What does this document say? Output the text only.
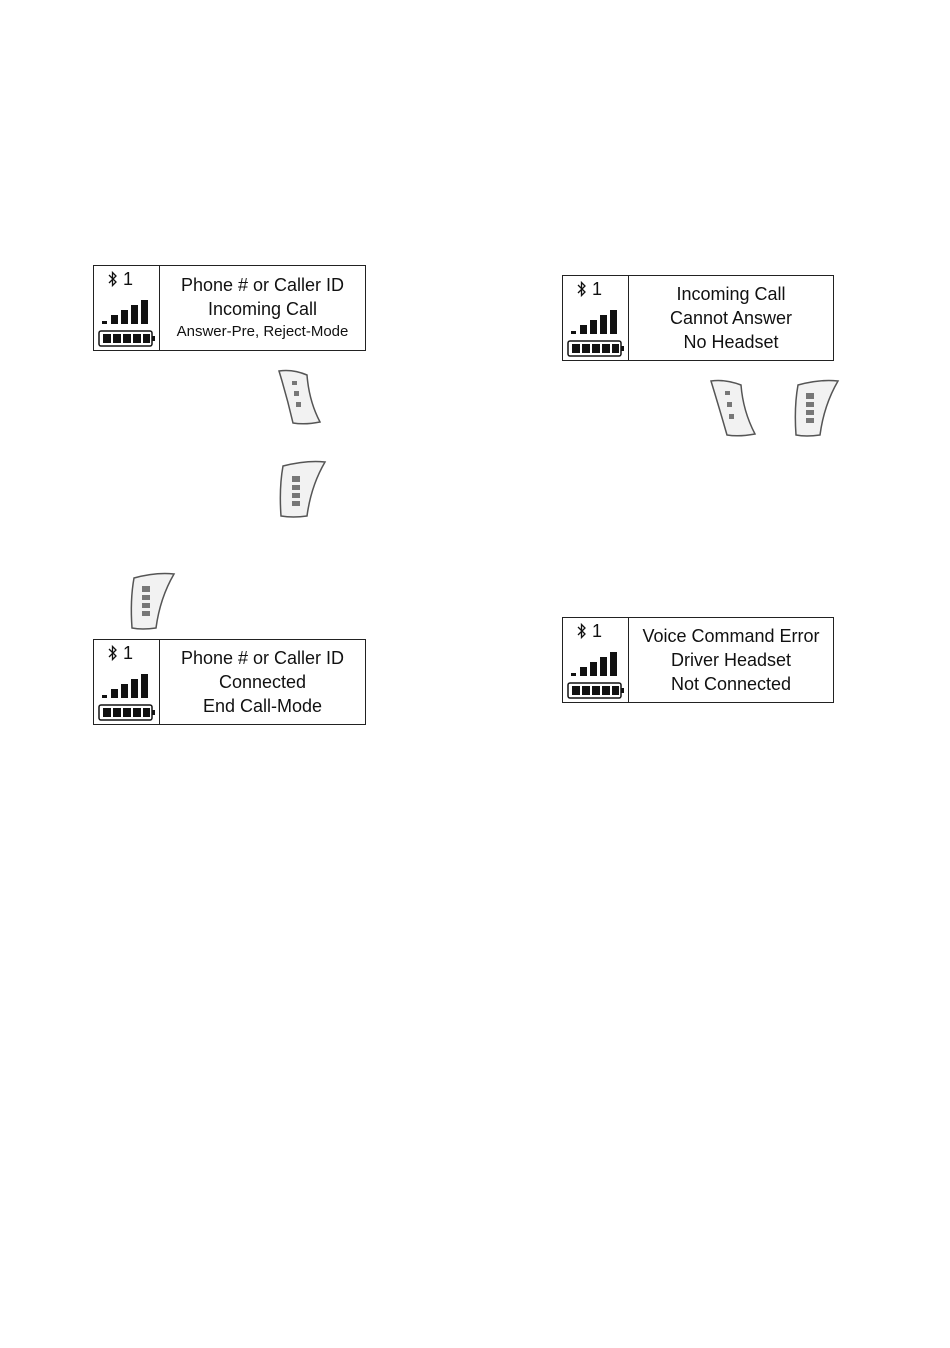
1	Phone # or Caller ID
Incoming Call
Answer-Pre, Reject-Mode
1	Phone # or Caller ID
Connected
End Call-Mode
1	Incoming Call
Cannot Answer
No Headset
1 Voice Command Error
Driver Headset
Not Connected
